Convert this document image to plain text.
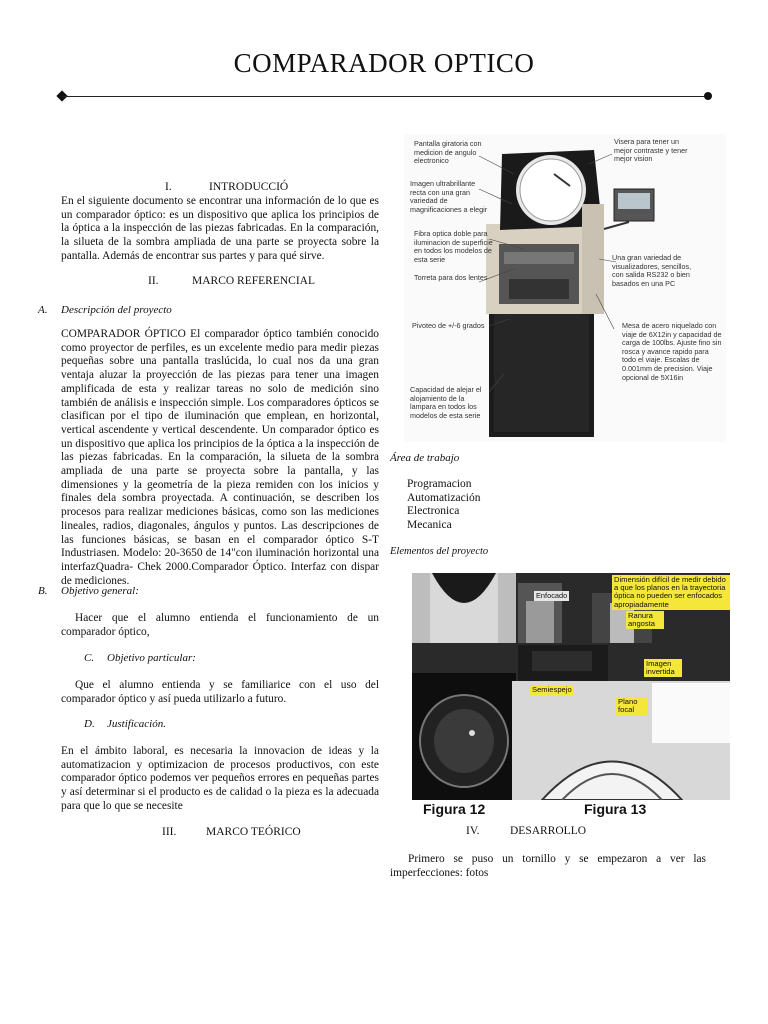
COMPARADOR OPTICO
I.	INTRODUCCIÓ

En el siguiente documento se encontrar una información de lo que es un comparador óptico: es un dispositivo que aplica los principios de la óptica a la inspección de las piezas fabricadas. En la comparación, la silueta de la sombra ampliada de una parte se proyecta sobre la pantalla. Además de encontrar sus partes y para qué sirve.

II.	MARCO REFERENCIAL
A. Descripción del proyecto

COMPARADOR ÓPTICO El comparador óptico también conocido como proyector de perfiles, es un excelente medio para medir piezas pequeñas sobre una pantalla traslúcida, lo cual nos da una gran ventaja aluzar la proyección de las piezas para tener una imagen amplificada de esta y realizar tareas no solo de medición sino también de análisis e inspección simple. Los comparadores ópticos se clasifican por el tipo de iluminación que emplean, en horizontal, vertical ascendente y vertical descendente. Un comparador óptico es un dispositivo que aplica los principios de la óptica a la inspección de las piezas fabricadas. En la comparación, la silueta de la sombra ampliada de una parte se proyecta sobre la pantalla, y las dimensiones y la geometría de la pieza remiden con los inicios y finales dela sombra proyectada. A continuación, se describen los procesos para realizar mediciones básicas, como son las mediciones lineales, radios, diagonales, ángulos y puntos. Las descripciones de las funciones básicas, se basan en el comparador óptico S-T Industriasen. Modelo: 20-3650 de 14"con iluminación horizontal una interfazQuadra- Chek 2000.Comparador Óptico. Interfaz con dispar de mediciones.

B. Objetivo general:

Hacer que el alumno entienda el funcionamiento de un comparador óptico,

C. Objetivo particular:

Que el alumno entienda y se familiarice con el uso del comparador óptico y así pueda utilizarlo a futuro.

D. Justificación.

En el ámbito laboral, es necesaria la innovacion de ideas y la automatizacion y optimizacion de procesos productivos, con este comparador óptico podemos ver pequeños errores en pequeñas partes y así determinar si el producto es de calidad o la pieza es la adecuada para que lo que se necesite

III.	MARCO TEÓRICO
Pantalla giratoria con medicion de angulo electronico
Visera para tener un mejor contraste y tener mejor vision
Imagen ultrabrillante recta con una gran variedad de magnificaciones a elegir
Fibra optica doble para iluminacion de superficie en todos los modelos de esta serie
Torreta para dos lentes
Una gran variedad de visualizadores, sencillos, con salida RS232 o bien basados en una PC
Pivoteo de +/-6 grados	Mesa de acero niquelado con viaje de 6X12in y capacidad de carga de 100lbs. Ajuste fino sin rosca y avance rapido para todo el viaje. Escalas de 0.001mm de precision. Viaje opcional de 5X16in
Capacidad de alejar el alojamiento de la lampara en todos los modelos de esta serie
Área de trabajo
Programacion
Automatización
Electronica
Mecanica
Elementos del proyecto
Dimensión difícil de medir debido a que los planos en la trayectoria óptica no pueden ser enfocados apropiadamente
Enfocado
Ranura angosta
Imagen invertida
Semiespejo
Plano focal
Figura 12	Figura 13
IV.	DESARROLLO

Primero se puso un tornillo y se empezaron a ver las imperfecciones: fotos
